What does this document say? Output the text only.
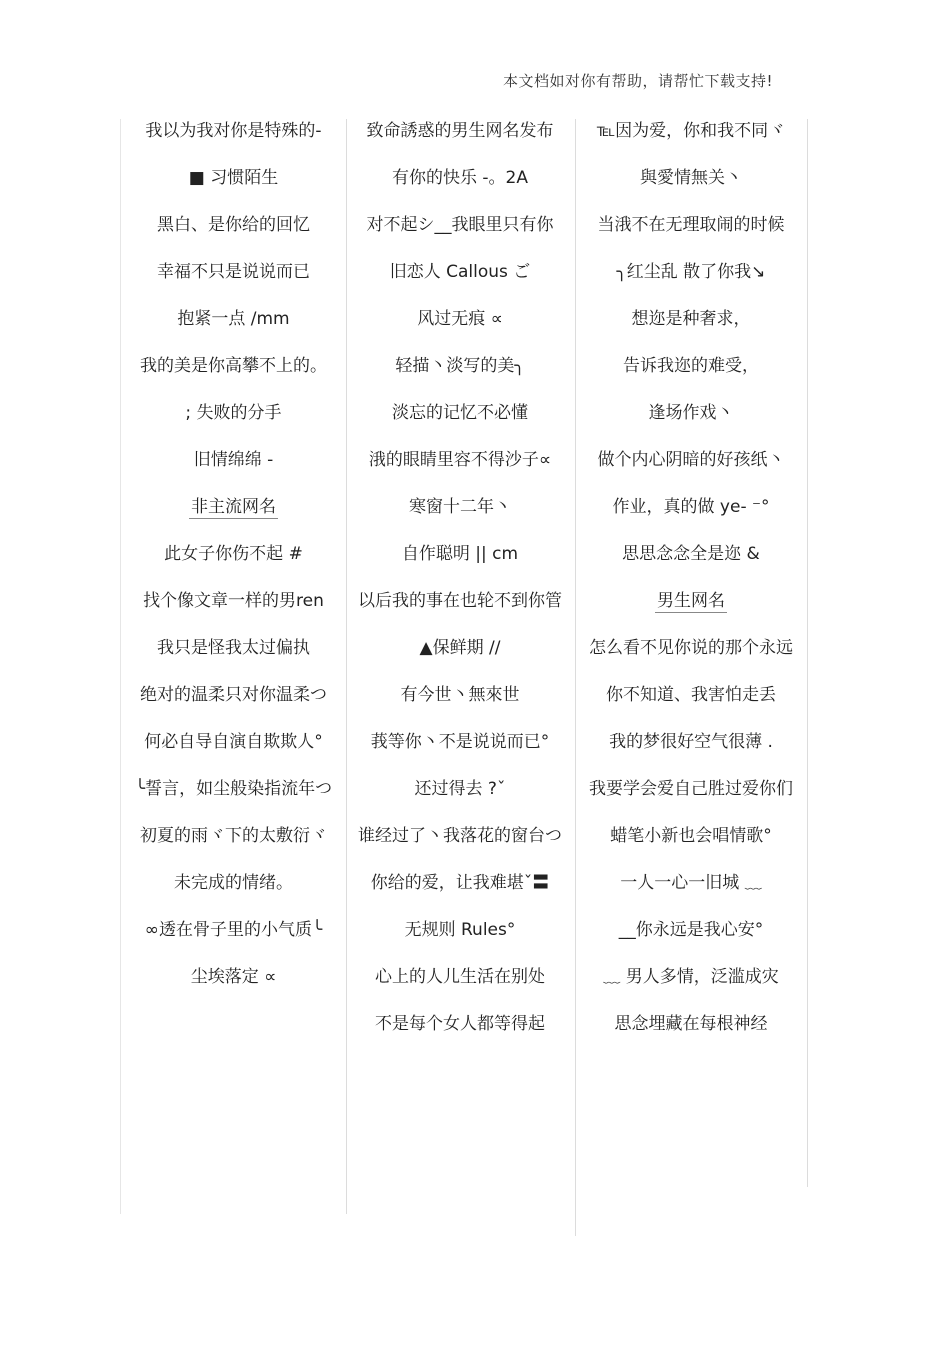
本文档如对你有帮助，请帮忙下载支持!
我以为我对你是特殊的-
■ 习惯陌生
黑白、是你给的回忆
幸福不只是说说而已
抱紧一点 /mm
我的美是你高攀不上的。
; 失败的分手
旧情绵绵 -
非主流网名
此女子你伤不起 #
找个像文章一样的男ren
我只是怪我太过偏执
绝对的温柔只对你温柔つ
何必自导自演自欺欺人°
╰誓言，如尘般染指流年つ
初夏的雨ヾ下的太敷衍ヾ
未完成的情绪。
∞透在骨子里的小气质╰
尘埃落定 ∝
致命誘惑的男生网名发布
有你的快乐 -。2A
对不起シ__我眼里只有你
旧恋人 Callous ご
风过无痕 ∝
轻描丶淡写的美╮
淡忘的记忆不必懂
涐的眼睛里容不得沙子∝
寒窗十二年丶
自作聪明 || cm
以后我的事在也轮不到你管
▲保鲜期 //
有今世丶無來世
莪等你丶不是说说而已°
还过得去 ?ˇ
谁经过了丶我落花的窗台つ
你给的爱，让我难堪ˇ〓
无规则 Rules°
心上的人儿生活在别处
不是每个女人都等得起
℡因为爱，你和我不同ヾ
與愛情無关丶
当涐不在无理取闹的时候
╮红尘乱 散了你我↘
想迩是种奢求，
告诉我迩的难受，
逢场作戏丶
做个内心阴暗的好孩纸丶
作业，真的做 ye- ⁻°
思思念念全是迩 &
男生网名
怎么看不见你说的那个永远
你不知道、我害怕走丢
我的梦很好空气很薄 .
我要学会爱自己胜过爱你们
蜡笔小新也会唱情歌°
一人一心一旧城 ﹏
__你永远是我心安°
﹏ 男人多情，泛滥成灾
思念埋藏在每根神经
